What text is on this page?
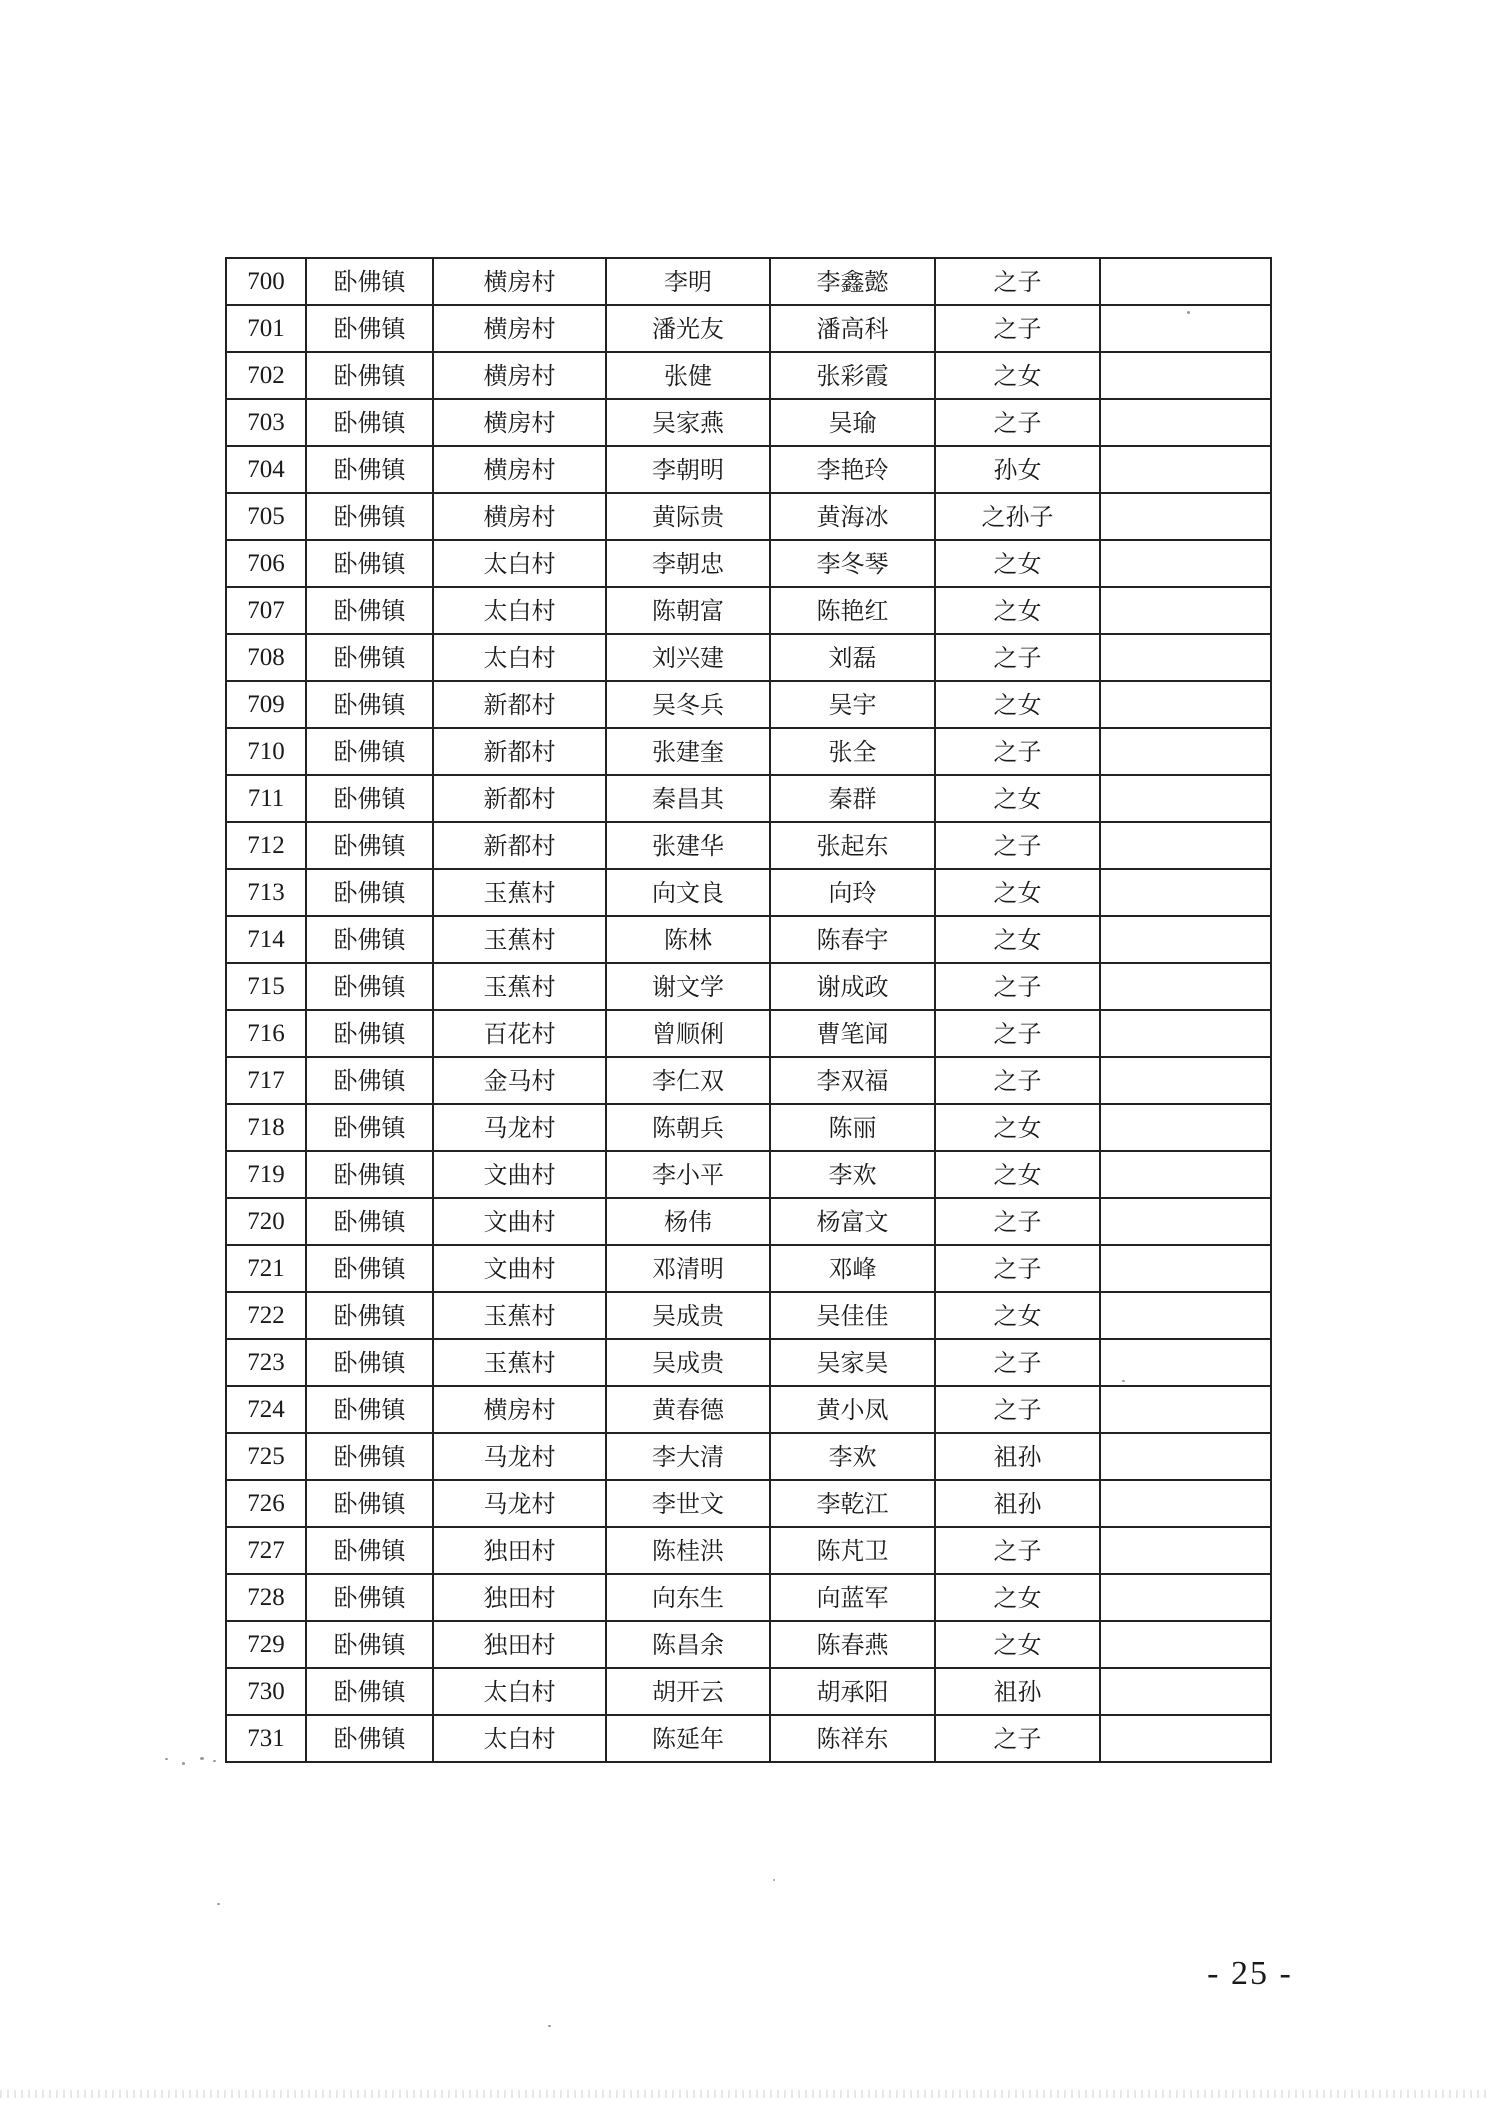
700	卧佛镇	横房村	李明	李鑫懿	之子	
701	卧佛镇	横房村	潘光友	潘高科	之子	
702	卧佛镇	横房村	张健	张彩霞	之女	
703	卧佛镇	横房村	吴家燕	吴瑜	之子	
704	卧佛镇	横房村	李朝明	李艳玲	孙女	
705	卧佛镇	横房村	黄际贵	黄海冰	之孙子	
706	卧佛镇	太白村	李朝忠	李冬琴	之女	
707	卧佛镇	太白村	陈朝富	陈艳红	之女	
708	卧佛镇	太白村	刘兴建	刘磊	之子	
709	卧佛镇	新都村	吴冬兵	吴宇	之女	
710	卧佛镇	新都村	张建奎	张全	之子	
711	卧佛镇	新都村	秦昌其	秦群	之女	
712	卧佛镇	新都村	张建华	张起东	之子	
713	卧佛镇	玉蕉村	向文良	向玲	之女	
714	卧佛镇	玉蕉村	陈林	陈春宇	之女	
715	卧佛镇	玉蕉村	谢文学	谢成政	之子	
716	卧佛镇	百花村	曾顺俐	曹笔闻	之子	
717	卧佛镇	金马村	李仁双	李双福	之子	
718	卧佛镇	马龙村	陈朝兵	陈丽	之女	
719	卧佛镇	文曲村	李小平	李欢	之女	
720	卧佛镇	文曲村	杨伟	杨富文	之子	
721	卧佛镇	文曲村	邓清明	邓峰	之子	
722	卧佛镇	玉蕉村	吴成贵	吴佳佳	之女	
723	卧佛镇	玉蕉村	吴成贵	吴家昊	之子	
724	卧佛镇	横房村	黄春德	黄小凤	之子	
725	卧佛镇	马龙村	李大清	李欢	祖孙	
726	卧佛镇	马龙村	李世文	李乾江	祖孙	
727	卧佛镇	独田村	陈桂洪	陈芃卫	之子	
728	卧佛镇	独田村	向东生	向蓝军	之女	
729	卧佛镇	独田村	陈昌余	陈春燕	之女	
730	卧佛镇	太白村	胡开云	胡承阳	祖孙	
731	卧佛镇	太白村	陈延年	陈祥东	之子	
- 25 -
